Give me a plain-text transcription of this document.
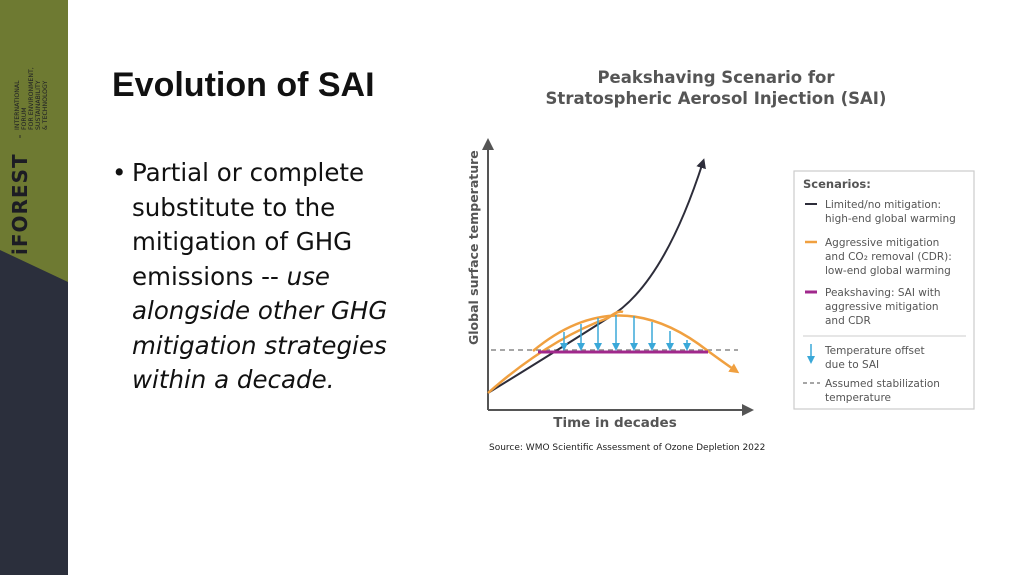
iFOREST
INTERNATIONAL FORUM FOR ENVIRONMENT, SUSTAINABILITY & TECHNOLOGY Evolution of SAI
• Partial or complete substitute to the mitigation of GHG emissions -- use alongside other GHG mitigation strategies within a decade.
Peakshaving Scenario for
Stratospheric Aerosol Injection (SAI)
Global surface temperature
Time in decades
Scenarios:
Limited/no mitigation:
high-end global warming
Aggressive mitigation
and CO₂ removal (CDR):
low-end global warming
Peakshaving: SAI with
aggressive mitigation
and CDR
Temperature offset
due to SAI
Assumed stabilization
temperature
Source: WMO Scientific Assessment of Ozone Depletion 2022
